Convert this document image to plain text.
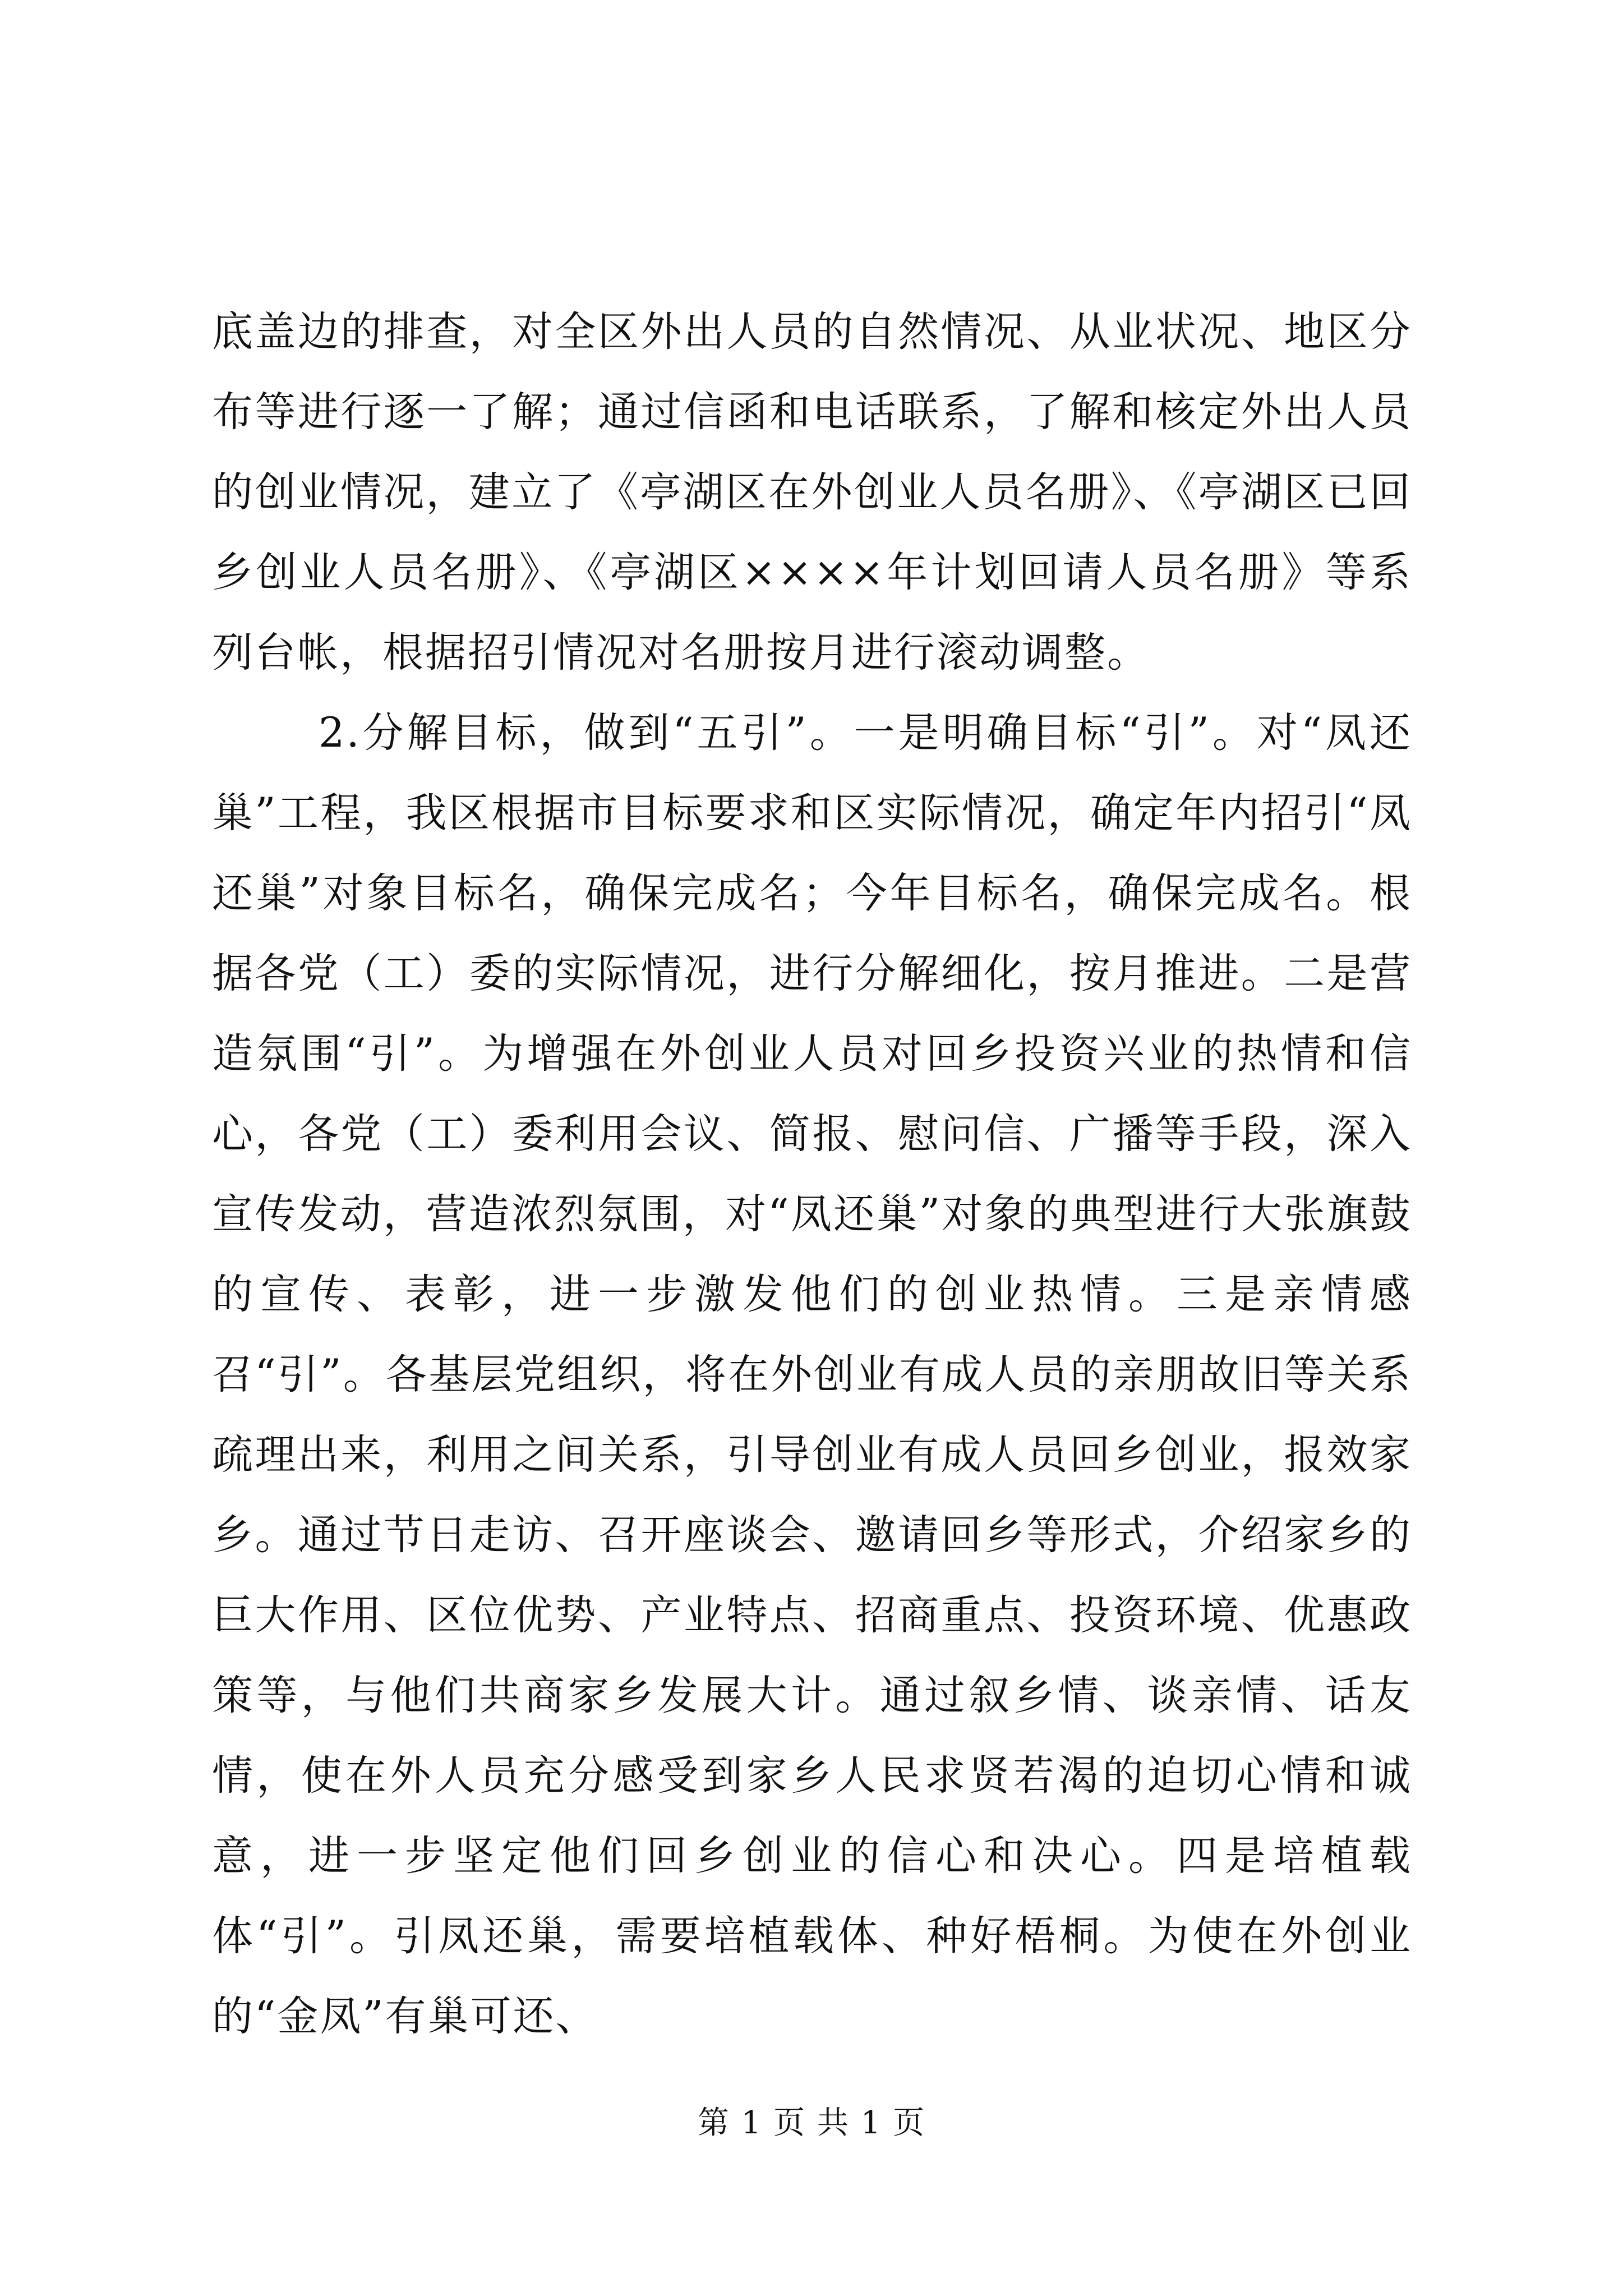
底盖边的排查，对全区外出人员的自然情况、从业状况、地区分布等进行逐一了解；通过信函和电话联系，了解和核定外出人员的创业情况，建立了《亭湖区在外创业人员名册》、《亭湖区已回乡创业人员名册》、《亭湖区××××年计划回请人员名册》等系列台帐，根据招引情况对名册按月进行滚动调整。

2.分解目标，做到“五引”。一是明确目标“引”。对“凤还巢”工程，我区根据市目标要求和区实际情况，确定年内招引“凤还巢”对象目标名，确保完成名；今年目标名，确保完成名。根据各党（工）委的实际情况，进行分解细化，按月推进。二是营造氛围“引”。为增强在外创业人员对回乡投资兴业的热情和信心，各党（工）委利用会议、简报、慰问信、广播等手段，深入宣传发动，营造浓烈氛围，对“凤还巢”对象的典型进行大张旗鼓的宣传、表彰，进一步激发他们的创业热情。三是亲情感召“引”。各基层党组织，将在外创业有成人员的亲朋故旧等关系疏理出来，利用之间关系，引导创业有成人员回乡创业，报效家乡。通过节日走访、召开座谈会、邀请回乡等形式，介绍家乡的巨大作用、区位优势、产业特点、招商重点、投资环境、优惠政策等，与他们共商家乡发展大计。通过叙乡情、谈亲情、话友情，使在外人员充分感受到家乡人民求贤若渴的迫切心情和诚意，进一步坚定他们回乡创业的信心和决心。四是培植载体“引”。引凤还巢，需要培植载体、种好梧桐。为使在外创业的“金凤”有巢可还、

第 1 页 共 1 页
